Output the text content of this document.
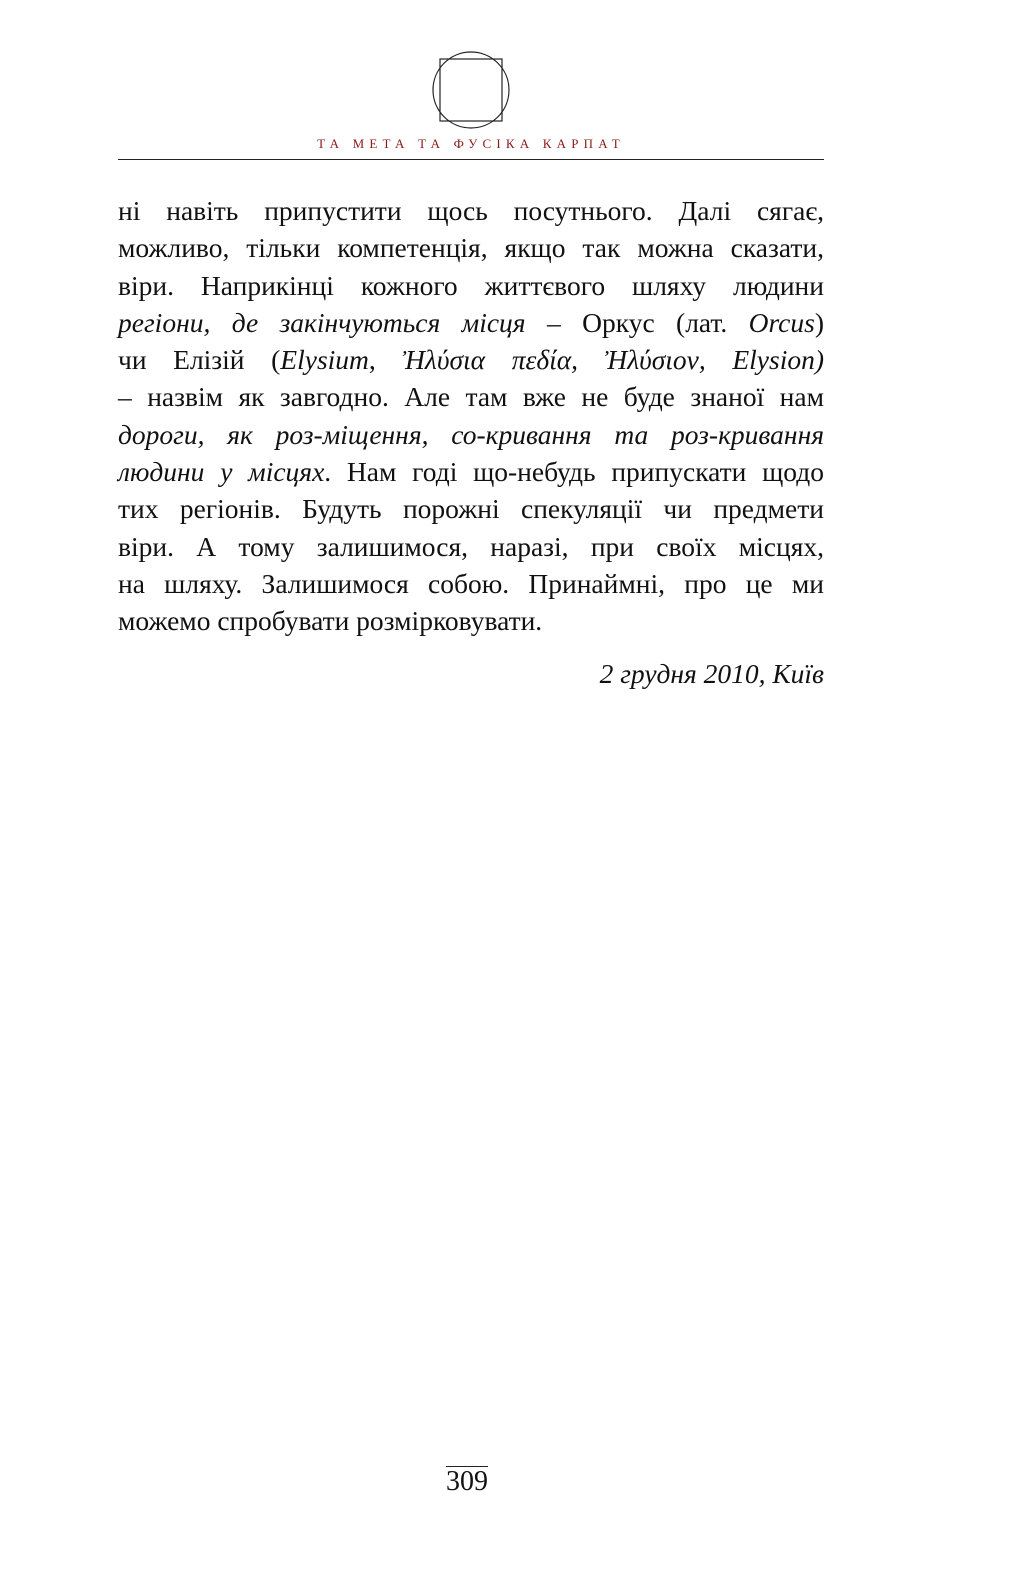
ТА МЕТА ТА ФУСІКА КАРПАТ
ні навіть припустити щось посутнього. Далі сягає,
можливо, тільки компетенція, якщо так можна сказати,
віри. Наприкінці кожного життєвого шляху людини
регіони, де закінчуються місця – Оркус (лат. Orcus)
чи Елізій (Elysium, Ἠλύσια πεδία, Ἠλύσιον, Elysion)
– назвім як завгодно. Але там вже не буде знаної нам
дороги, як роз-міщення, со-кривання та роз-кривання
людини у місцях. Нам годі що-небудь припускати щодо
тих регіонів. Будуть порожні спекуляції чи предмети
віри. А тому залишимося, наразі, при своїх місцях,
на шляху. Залишимося собою. Принаймні, про це ми
можемо спробувати розмірковувати.
2 грудня 2010, Київ
309
